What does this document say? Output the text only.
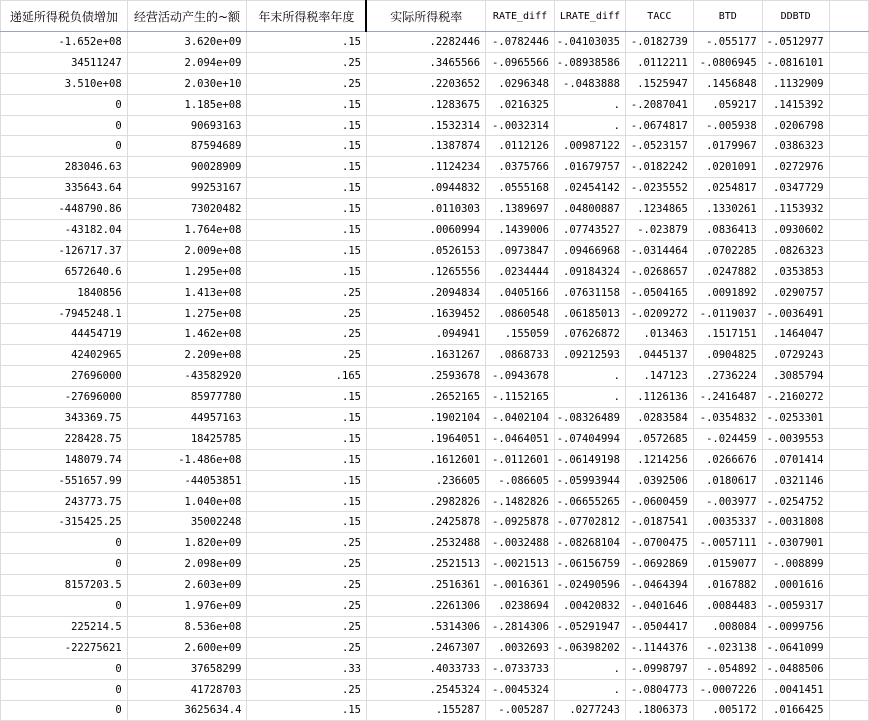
递延所得税负债增加	经营活动产生的~额	年末所得税率年度	实际所得税率	RATE_diff	LRATE_diff	TACC	BTD	DDBTD	
-1.652e+08	3.620e+09	.15	.2282446	-.0782446	-.04103035	-.0182739	-.055177	-.0512977	
34511247	2.094e+09	.25	.3465566	-.0965566	-.08938586	.0112211	-.0806945	-.0816101	
3.510e+08	2.030e+10	.25	.2203652	.0296348	-.0483888	.1525947	.1456848	.1132909	
0	1.185e+08	.15	.1283675	.0216325	.	-.2087041	.059217	.1415392	
0	90693163	.15	.1532314	-.0032314	.	-.0674817	-.005938	.0206798	
0	87594689	.15	.1387874	.0112126	.00987122	-.0523157	.0179967	.0386323	
283046.63	90028909	.15	.1124234	.0375766	.01679757	-.0182242	.0201091	.0272976	
335643.64	99253167	.15	.0944832	.0555168	.02454142	-.0235552	.0254817	.0347729	
-448790.86	73020482	.15	.0110303	.1389697	.04800887	.1234865	.1330261	.1153932	
-43182.04	1.764e+08	.15	.0060994	.1439006	.07743527	-.023879	.0836413	.0930602	
-126717.37	2.009e+08	.15	.0526153	.0973847	.09466968	-.0314464	.0702285	.0826323	
6572640.6	1.295e+08	.15	.1265556	.0234444	.09184324	-.0268657	.0247882	.0353853	
1840856	1.413e+08	.25	.2094834	.0405166	.07631158	-.0504165	.0091892	.0290757	
-7945248.1	1.275e+08	.25	.1639452	.0860548	.06185013	-.0209272	-.0119037	-.0036491	
44454719	1.462e+08	.25	.094941	.155059	.07626872	.013463	.1517151	.1464047	
42402965	2.209e+08	.25	.1631267	.0868733	.09212593	.0445137	.0904825	.0729243	
27696000	-43582920	.165	.2593678	-.0943678	.	.147123	.2736224	.3085794	
-27696000	85977780	.15	.2652165	-.1152165	.	.1126136	-.2416487	-.2160272	
343369.75	44957163	.15	.1902104	-.0402104	-.08326489	.0283584	-.0354832	-.0253301	
228428.75	18425785	.15	.1964051	-.0464051	-.07404994	.0572685	-.024459	-.0039553	
148079.74	-1.486e+08	.15	.1612601	-.0112601	-.06149198	.1214256	.0266676	.0701414	
-551657.99	-44053851	.15	.236605	-.086605	-.05993944	.0392506	.0180617	.0321146	
243773.75	1.040e+08	.15	.2982826	-.1482826	-.06655265	-.0600459	-.003977	-.0254752	
-315425.25	35002248	.15	.2425878	-.0925878	-.07702812	-.0187541	.0035337	-.0031808	
0	1.820e+09	.25	.2532488	-.0032488	-.08268104	-.0700475	-.0057111	-.0307901	
0	2.098e+09	.25	.2521513	-.0021513	-.06156759	-.0692869	.0159077	-.008899	
8157203.5	2.603e+09	.25	.2516361	-.0016361	-.02490596	-.0464394	.0167882	.0001616	
0	1.976e+09	.25	.2261306	.0238694	.00420832	-.0401646	.0084483	-.0059317	
225214.5	8.536e+08	.25	.5314306	-.2814306	-.05291947	-.0504417	.008084	-.0099756	
-22275621	2.600e+09	.25	.2467307	.0032693	-.06398202	-.1144376	-.023138	-.0641099	
0	37658299	.33	.4033733	-.0733733	.	-.0998797	-.054892	-.0488506	
0	41728703	.25	.2545324	-.0045324	.	-.0804773	-.0007226	.0041451	
0	3625634.4	.15	.155287	-.005287	.0277243	.1806373	.005172	.0166425	
